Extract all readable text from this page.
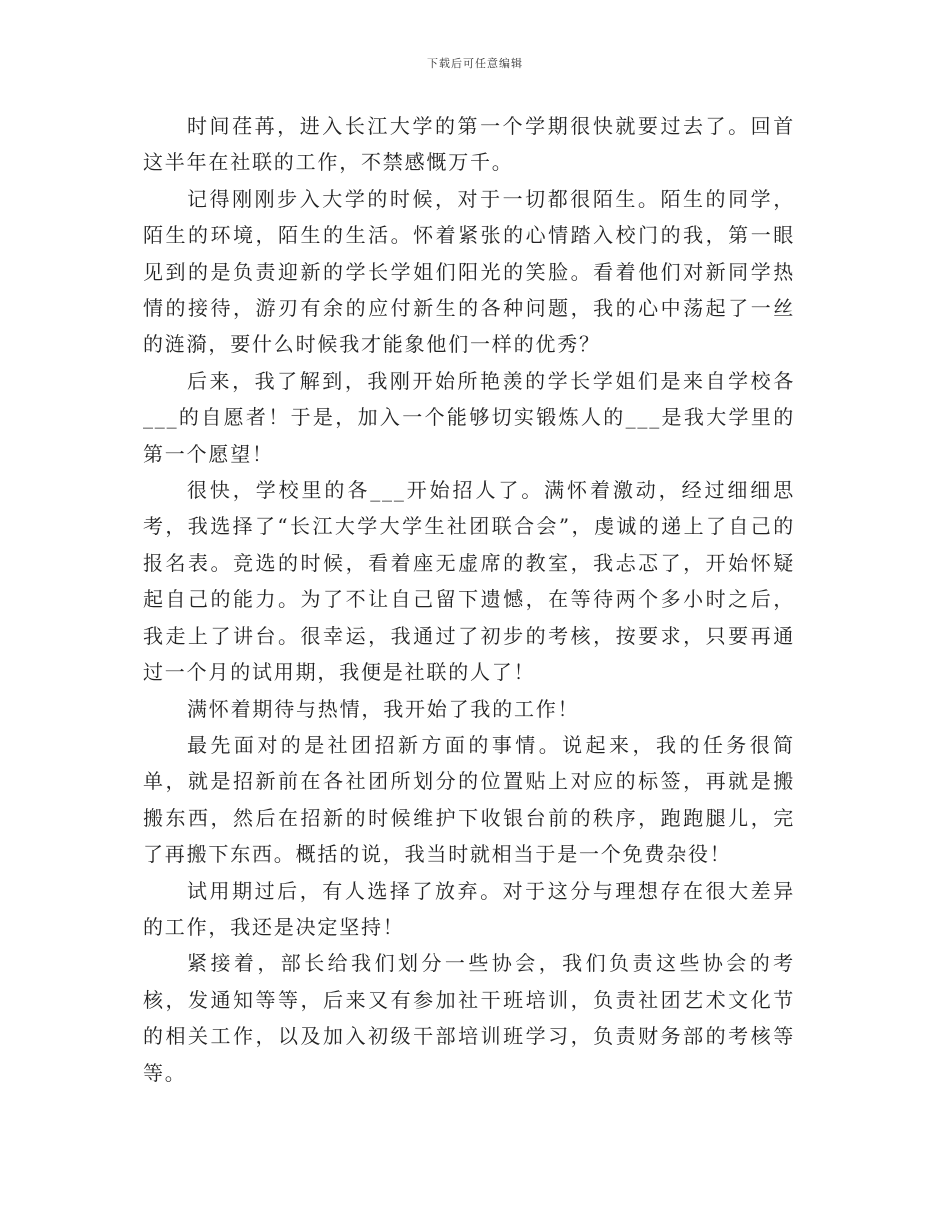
下载后可任意编辑

时间荏苒，进入长江大学的第一个学期很快就要过去了。回首这半年在社联的工作，不禁感慨万千。

记得刚刚步入大学的时候，对于一切都很陌生。陌生的同学，陌生的环境，陌生的生活。怀着紧张的心情踏入校门的我，第一眼见到的是负责迎新的学长学姐们阳光的笑脸。看着他们对新同学热情的接待，游刃有余的应付新生的各种问题，我的心中荡起了一丝的涟漪，要什么时候我才能象他们一样的优秀？

后来，我了解到，我刚开始所艳羡的学长学姐们是来自学校各___的自愿者！于是，加入一个能够切实锻炼人的___是我大学里的第一个愿望！

很快，学校里的各___开始招人了。满怀着激动，经过细细思考，我选择了“长江大学大学生社团联合会”，虔诚的递上了自己的报名表。竞选的时候，看着座无虚席的教室，我忐忑了，开始怀疑起自己的能力。为了不让自己留下遗憾，在等待两个多小时之后，我走上了讲台。很幸运，我通过了初步的考核，按要求，只要再通过一个月的试用期，我便是社联的人了！

满怀着期待与热情，我开始了我的工作！

最先面对的是社团招新方面的事情。说起来，我的任务很简单，就是招新前在各社团所划分的位置贴上对应的标签，再就是搬搬东西，然后在招新的时候维护下收银台前的秩序，跑跑腿儿，完了再搬下东西。概括的说，我当时就相当于是一个免费杂役！

试用期过后，有人选择了放弃。对于这分与理想存在很大差异的工作，我还是决定坚持！

紧接着，部长给我们划分一些协会，我们负责这些协会的考核，发通知等等，后来又有参加社干班培训，负责社团艺术文化节的相关工作，以及加入初级干部培训班学习，负责财务部的考核等等。
